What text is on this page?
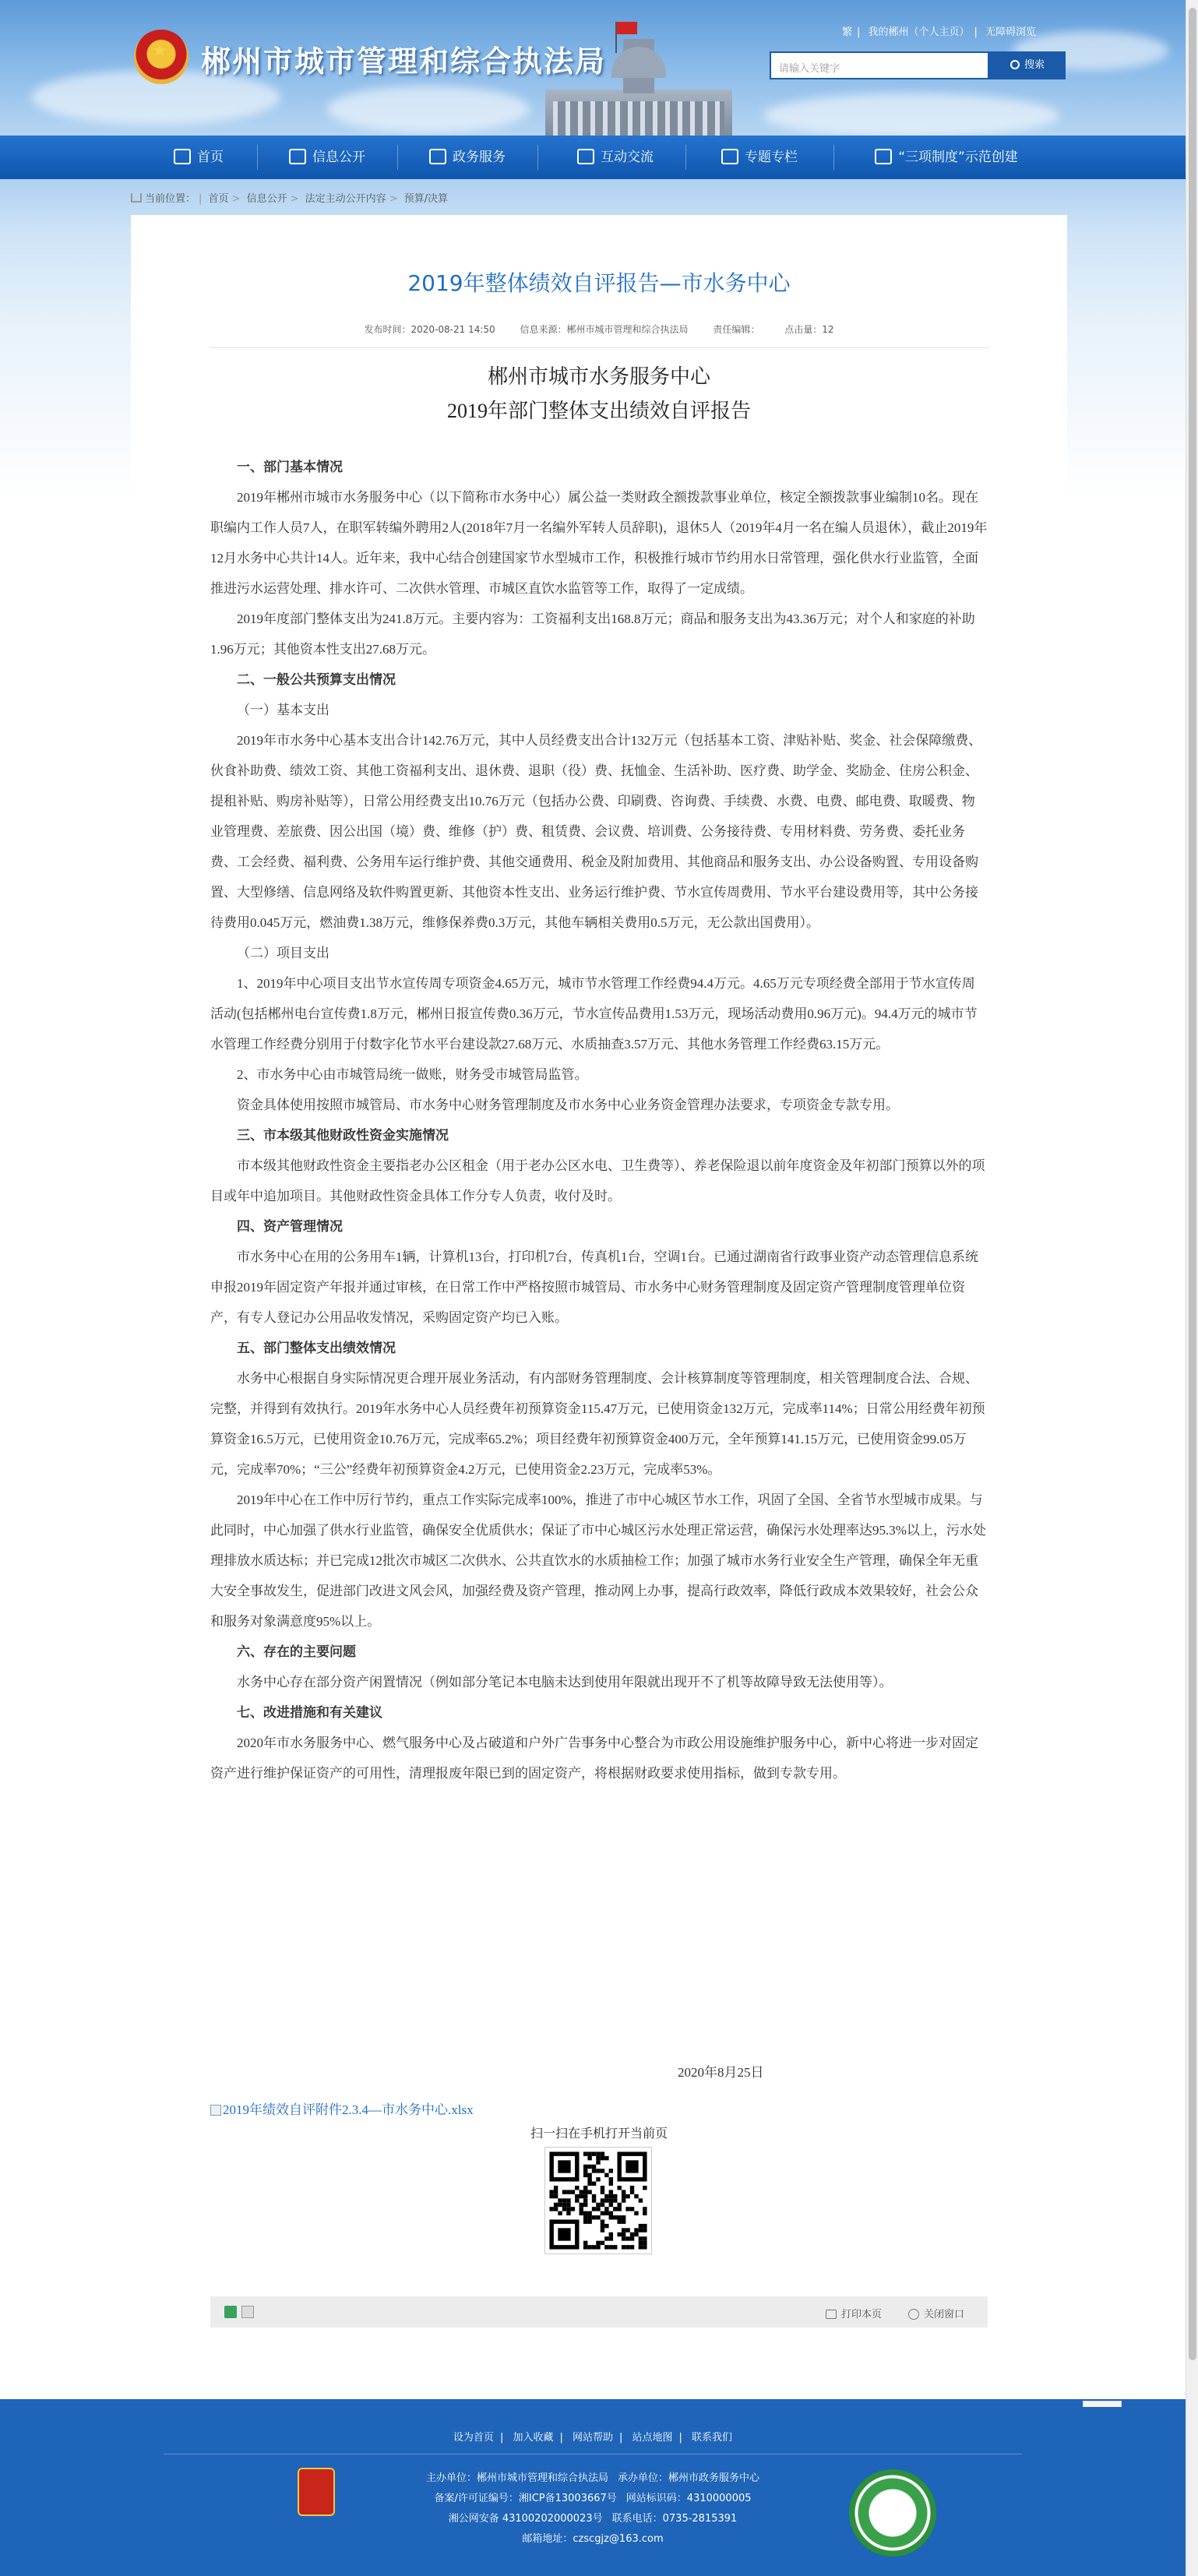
★
郴州市城市管理和综合执法局
繁 | 我的郴州（个人主页） | 无障碍浏览
请输入关键字	搜索
首页	信息公开	政务服务	互动交流	专题专栏	“三项制度”示范创建
当前位置： | 首页 > 信息公开 > 法定主动公开内容 > 预算/决算
2019年整体绩效自评报告—市水务中心
发布时间：2020-08-21 14:50	信息来源：郴州市城市管理和综合执法局	责任编辑：	点击量：12
郴州市城市水务服务中心
2019年部门整体支出绩效自评报告
一、部门基本情况

2019年郴州市城市水务服务中心（以下简称市水务中心）属公益一类财政全额拨款事业单位，核定全额拨款事业编制10名。现在职编内工作人员7人，在职军转编外聘用2人(2018年7月一名编外军转人员辞职)，退休5人（2019年4月一名在编人员退休），截止2019年12月水务中心共计14人。近年来，我中心结合创建国家节水型城市工作，积极推行城市节约用水日常管理，强化供水行业监管，全面推进污水运营处理、排水许可、二次供水管理、市城区直饮水监管等工作，取得了一定成绩。

2019年度部门整体支出为241.8万元。主要内容为：工资福利支出168.8万元；商品和服务支出为43.36万元；对个人和家庭的补助1.96万元；其他资本性支出27.68万元。

二、一般公共预算支出情况
（一）基本支出

2019年市水务中心基本支出合计142.76万元，其中人员经费支出合计132万元（包括基本工资、津贴补贴、奖金、社会保障缴费、伙食补助费、绩效工资、其他工资福利支出、退休费、退职（役）费、抚恤金、生活补助、医疗费、助学金、奖励金、住房公积金、提租补贴、购房补贴等），日常公用经费支出10.76万元（包括办公费、印刷费、咨询费、手续费、水费、电费、邮电费、取暖费、物业管理费、差旅费、因公出国（境）费、维修（护）费、租赁费、会议费、培训费、公务接待费、专用材料费、劳务费、委托业务费、工会经费、福利费、公务用车运行维护费、其他交通费用、税金及附加费用、其他商品和服务支出、办公设备购置、专用设备购置、大型修缮、信息网络及软件购置更新、其他资本性支出、业务运行维护费、节水宣传周费用、节水平台建设费用等，其中公务接待费用0.045万元，燃油费1.38万元，维修保养费0.3万元，其他车辆相关费用0.5万元，无公款出国费用）。

（二）项目支出

1、2019年中心项目支出节水宣传周专项资金4.65万元，城市节水管理工作经费94.4万元。4.65万元专项经费全部用于节水宣传周活动(包括郴州电台宣传费1.8万元，郴州日报宣传费0.36万元，节水宣传品费用1.53万元，现场活动费用0.96万元)。94.4万元的城市节水管理工作经费分别用于付数字化节水平台建设款27.68万元、水质抽查3.57万元、其他水务管理工作经费63.15万元。

2、市水务中心由市城管局统一做账，财务受市城管局监管。

资金具体使用按照市城管局、市水务中心财务管理制度及市水务中心业务资金管理办法要求，专项资金专款专用。

三、市本级其他财政性资金实施情况

市本级其他财政性资金主要指老办公区租金（用于老办公区水电、卫生费等）、养老保险退以前年度资金及年初部门预算以外的项目或年中追加项目。其他财政性资金具体工作分专人负责，收付及时。

四、资产管理情况

市水务中心在用的公务用车1辆，计算机13台，打印机7台，传真机1台，空调1台。已通过湖南省行政事业资产动态管理信息系统申报2019年固定资产年报并通过审核，在日常工作中严格按照市城管局、市水务中心财务管理制度及固定资产管理制度管理单位资产，有专人登记办公用品收发情况，采购固定资产均已入账。

五、部门整体支出绩效情况

水务中心根据自身实际情况更合理开展业务活动，有内部财务管理制度、会计核算制度等管理制度，相关管理制度合法、合规、完整，并得到有效执行。2019年水务中心人员经费年初预算资金115.47万元，已使用资金132万元，完成率114%；日常公用经费年初预算资金16.5万元，已使用资金10.76万元，完成率65.2%；项目经费年初预算资金400万元，全年预算141.15万元，已使用资金99.05万元，完成率70%；“三公”经费年初预算资金4.2万元，已使用资金2.23万元，完成率53%。

2019年中心在工作中厉行节约，重点工作实际完成率100%，推进了市中心城区节水工作，巩固了全国、全省节水型城市成果。与此同时，中心加强了供水行业监管，确保安全优质供水；保证了市中心城区污水处理正常运营，确保污水处理率达95.3%以上，污水处理排放水质达标；并已完成12批次市城区二次供水、公共直饮水的水质抽检工作；加强了城市水务行业安全生产管理，确保全年无重大安全事故发生，促进部门改进文风会风，加强经费及资产管理，推动网上办事，提高行政效率，降低行政成本效果较好，社会公众和服务对象满意度95%以上。

六、存在的主要问题

水务中心存在部分资产闲置情况（例如部分笔记本电脑未达到使用年限就出现开不了机等故障导致无法使用等）。

七、改进措施和有关建议

2020年市水务服务中心、燃气服务中心及占破道和户外广告事务中心整合为市政公用设施维护服务中心，新中心将进一步对固定资产进行维护保证资产的可用性，清理报废年限已到的固定资产，将根据财政要求使用指标，做到专款专用。

2020年8月25日
2019年绩效自评附件2.3.4—市水务中心.xlsx
扫一扫在手机打开当前页
打印本页	关闭窗口
设为首页 | 加入收藏 | 网站帮助 | 站点地图 | 联系我们
主办单位：郴州市城市管理和综合执法局 承办单位：郴州市政务服务中心
备案/许可证编号：湘ICP备13003667号 网站标识码：4310000005
湘公网安备 43100202000023号 联系电话：0735-2815391
邮箱地址：czscgjz@163.com
